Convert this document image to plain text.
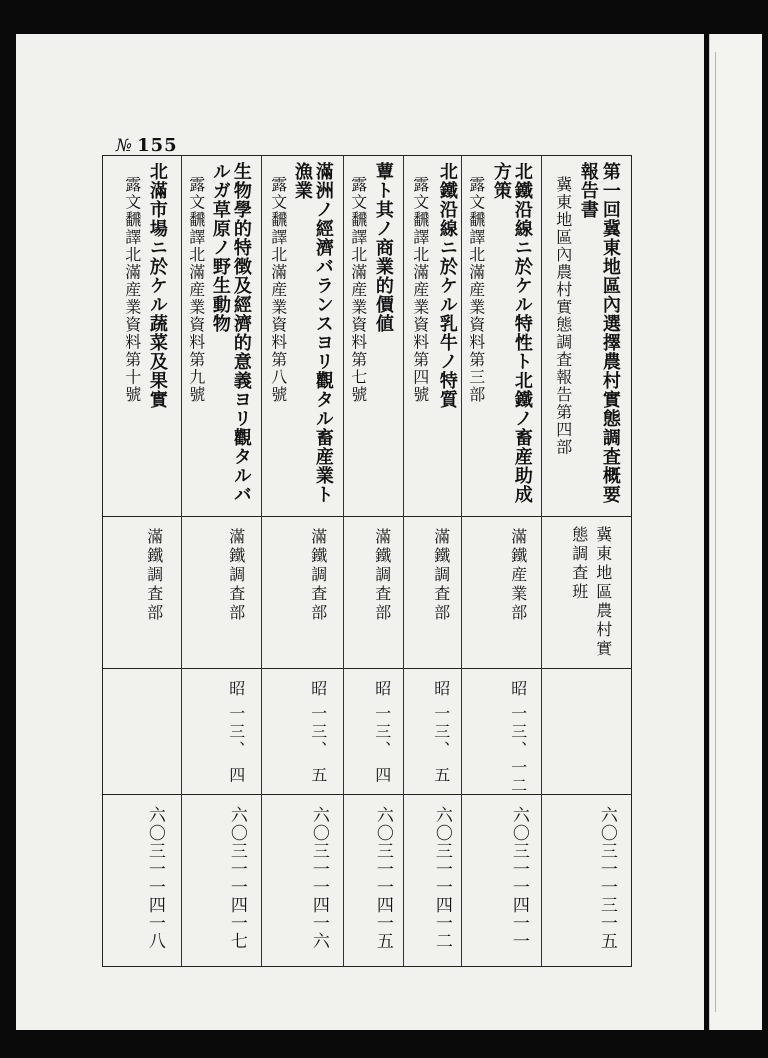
№ 155

第一回冀東地區內選擇農村實態調査概要
報告書
冀東地區內農村實態調査報告第四部
冀東地區農村實
態調査班
六〇三一一三一五
北鐵沿線ニ於ケル特性ト北鐵ノ畜産助成
方策
露文飜譯北滿産業資料第三部
滿鐵産業部
昭 一三、一二
六〇三一一四一一
北鐵沿線ニ於ケル乳牛ノ特質
露文飜譯北滿産業資料第四號
滿鐵調査部
昭 一三、 五
六〇三一一四一二
蕈ト其ノ商業的價値
露文飜譯北滿産業資料第七號
滿鐵調査部
昭 一三、 四
六〇三一一四一五
滿洲ノ經濟バランスヨリ觀タル畜産業ト
漁業
露文飜譯北滿産業資料第八號
滿鐵調査部
昭 一三、 五
六〇三一一四一六
生物學的特徴及經濟的意義ヨリ觀タルバ
ルガ草原ノ野生動物
露文飜譯北滿産業資料第九號
滿鐵調査部
昭 一三、 四
六〇三一一四一七
北滿市場ニ於ケル蔬菜及果實
露文飜譯北滿産業資料第十號
滿鐵調査部
六〇三一一四一八
